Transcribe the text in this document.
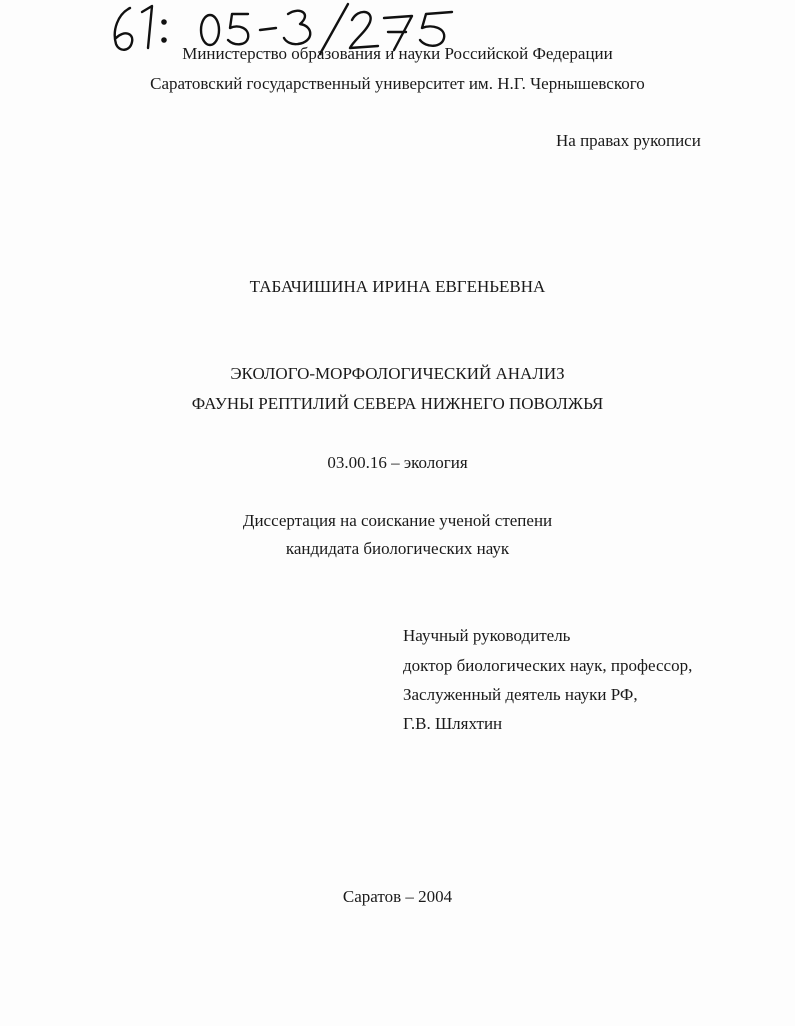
Министерство образования и науки Российской Федерации
Саратовский государственный университет им. Н.Г. Чернышевского
На правах рукописи
ТАБАЧИШИНА ИРИНА ЕВГЕНЬЕВНА
ЭКОЛОГО-МОРФОЛОГИЧЕСКИЙ АНАЛИЗ
ФАУНЫ РЕПТИЛИЙ СЕВЕРА НИЖНЕГО ПОВОЛЖЬЯ
03.00.16 – экология
Диссертация на соискание ученой степени
кандидата биологических наук
Научный руководитель
доктор биологических наук, профессор,
Заслуженный деятель науки РФ,
Г.В. Шляхтин
Саратов – 2004
